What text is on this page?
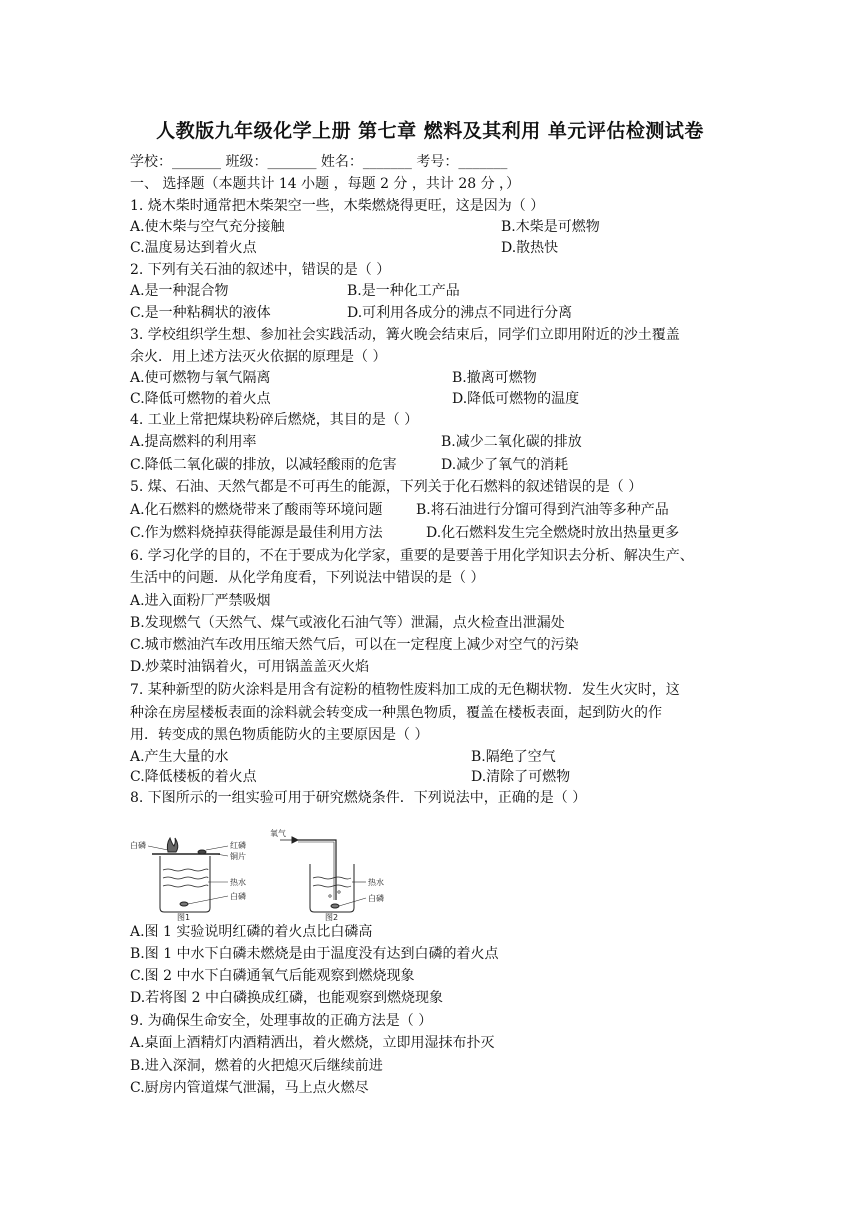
人教版九年级化学上册 第七章 燃料及其利用 单元评估检测试卷
学校：_______ 班级：_______ 姓名：_______ 考号：_______
一、 选择题（本题共计 14 小题 ，每题 2 分 ，共计 28 分 ，）
1. 烧木柴时通常把木柴架空一些，木柴燃烧得更旺，这是因为（ ）
A.使木柴与空气充分接触	B.木柴是可燃物
C.温度易达到着火点	D.散热快
2. 下列有关石油的叙述中，错误的是（ ）
A.是一种混合物	B.是一种化工产品
C.是一种粘稠状的液体	D.可利用各成分的沸点不同进行分离
3. 学校组织学生想、参加社会实践活动，篝火晚会结束后，同学们立即用附近的沙土覆盖
余火．用上述方法灭火依据的原理是（ ）
A.使可燃物与氧气隔离	B.撤离可燃物
C.降低可燃物的着火点	D.降低可燃物的温度
4. 工业上常把煤块粉碎后燃烧，其目的是（ ）
A.提高燃料的利用率	B.减少二氧化碳的排放
C.降低二氧化碳的排放，以减轻酸雨的危害	D.减少了氧气的消耗
5. 煤、石油、天然气都是不可再生的能源，下列关于化石燃料的叙述错误的是（ ）
A.化石燃料的燃烧带来了酸雨等环境问题 B.将石油进行分馏可得到汽油等多种产品
C.作为燃料烧掉获得能源是最佳利用方法	D.化石燃料发生完全燃烧时放出热量更多
6. 学习化学的目的，不在于要成为化学家，重要的是要善于用化学知识去分析、解决生产、
生活中的问题．从化学角度看，下列说法中错误的是（ ）
A.进入面粉厂严禁吸烟
B.发现燃气（天然气、煤气或液化石油气等）泄漏，点火检查出泄漏处
C.城市燃油汽车改用压缩天然气后，可以在一定程度上减少对空气的污染
D.炒菜时油锅着火，可用锅盖盖灭火焰
7. 某种新型的防火涂料是用含有淀粉的植物性废料加工成的无色糊状物．发生火灾时，这
种涂在房屋楼板表面的涂料就会转变成一种黑色物质，覆盖在楼板表面，起到防火的作
用．转变成的黑色物质能防火的主要原因是（ ）
A.产生大量的水	B.隔绝了空气
C.降低楼板的着火点	D.清除了可燃物
8. 下图所示的一组实验可用于研究燃烧条件．下列说法中，正确的是（ ）
白磷	红磷
铜片
热水
白磷
图1
氧气
热水
白磷
图2
A.图 1 实验说明红磷的着火点比白磷高
B.图 1 中水下白磷未燃烧是由于温度没有达到白磷的着火点
C.图 2 中水下白磷通氧气后能观察到燃烧现象
D.若将图 2 中白磷换成红磷，也能观察到燃烧现象
9. 为确保生命安全，处理事故的正确方法是（ ）
A.桌面上酒精灯内酒精洒出，着火燃烧，立即用湿抹布扑灭
B.进入深洞，燃着的火把熄灭后继续前进
C.厨房内管道煤气泄漏，马上点火燃尽
